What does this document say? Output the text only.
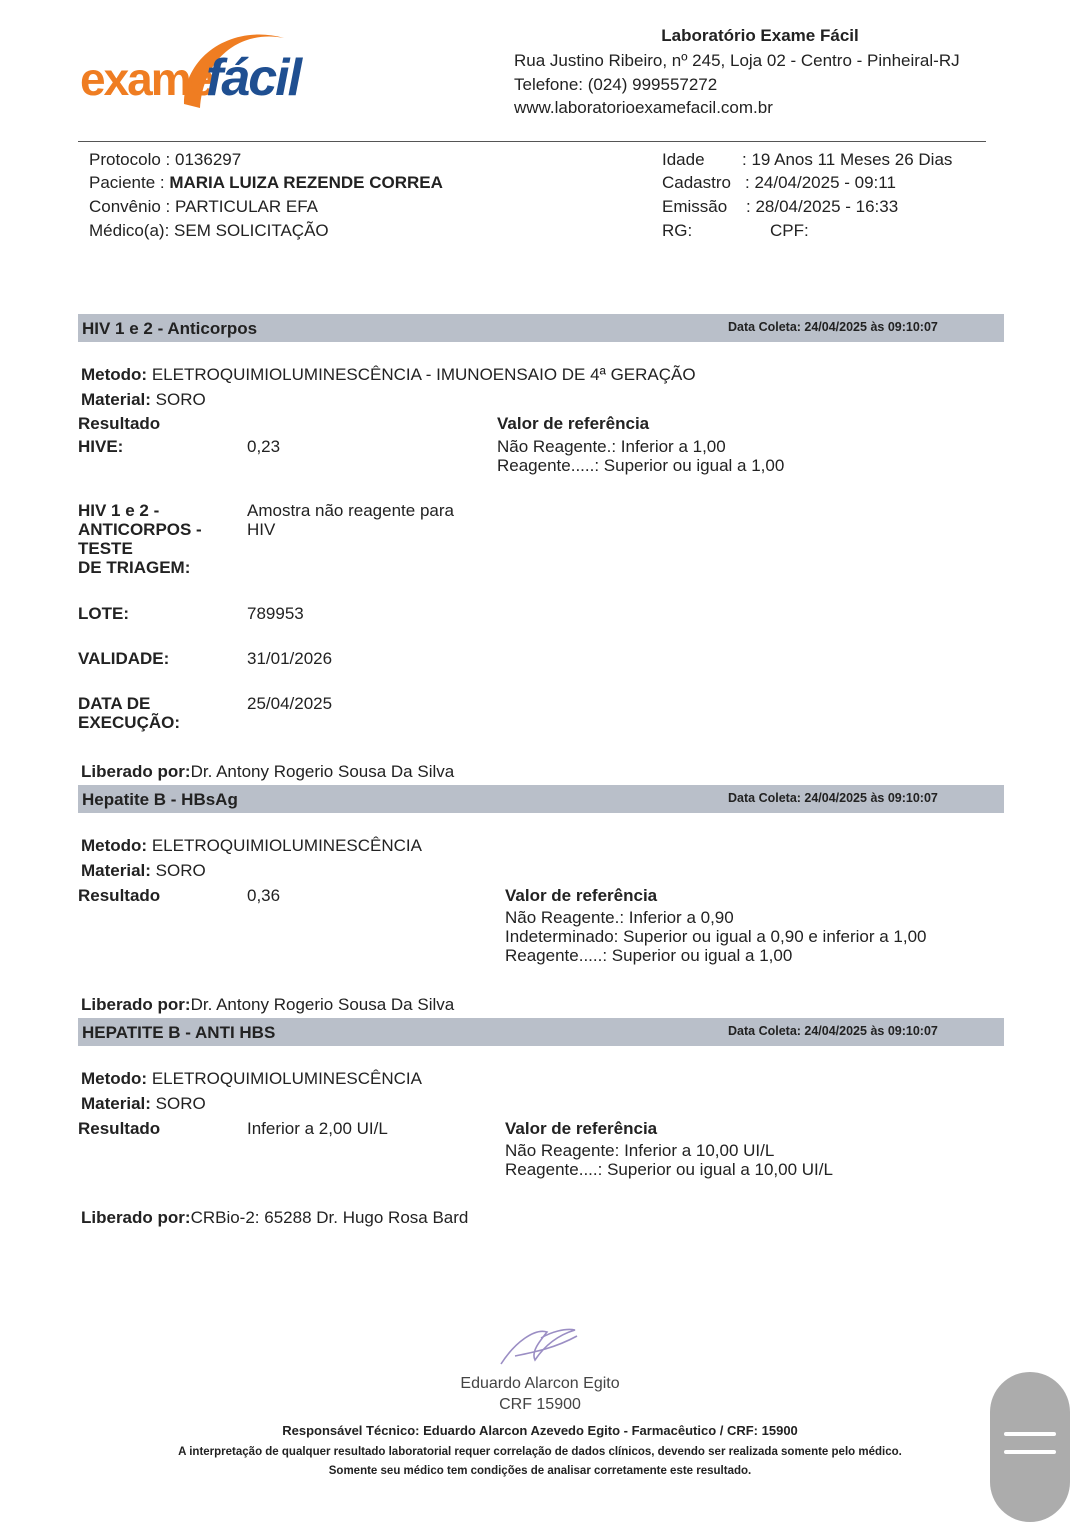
exame
fácil
Laboratório Exame Fácil
Rua Justino Ribeiro, nº 245, Loja 02 - Centro - Pinheiral-RJ
Telefone: (024) 999557272
www.laboratorioexamefacil.com.br
Protocolo : 0136297
Paciente : MARIA LUIZA REZENDE CORREA
Convênio : PARTICULAR EFA
Médico(a): SEM SOLICITAÇÃO
Idade : 19 Anos 11 Meses 26 Dias
Cadastro : 24/04/2025 - 09:11
Emissão : 28/04/2025 - 16:33
RG:	CPF:
HIV 1 e 2 - Anticorpos	Data Coleta: 24/04/2025 às 09:10:07
Metodo: ELETROQUIMIOLUMINESCÊNCIA - IMUNOENSAIO DE 4ª GERAÇÃO
Material: SORO
Resultado	Valor de referência
HIVE:	0,23	Não Reagente.: Inferior a 1,00
Reagente.....: Superior ou igual a 1,00
HIV 1 e 2 -
ANTICORPOS -
TESTE
DE TRIAGEM:
Amostra não reagente para
HIV
LOTE:	789953
VALIDADE:	31/01/2026
DATA DE
EXECUÇÃO:
25/04/2025
Liberado por:Dr. Antony Rogerio Sousa Da Silva
Hepatite B - HBsAg	Data Coleta: 24/04/2025 às 09:10:07
Metodo: ELETROQUIMIOLUMINESCÊNCIA
Material: SORO
Resultado	0,36	Valor de referência
Não Reagente.: Inferior a 0,90
Indeterminado: Superior ou igual a 0,90 e inferior a 1,00
Reagente.....: Superior ou igual a 1,00
Liberado por:Dr. Antony Rogerio Sousa Da Silva
HEPATITE B - ANTI HBS	Data Coleta: 24/04/2025 às 09:10:07
Metodo: ELETROQUIMIOLUMINESCÊNCIA
Material: SORO
Resultado	Inferior a 2,00 UI/L	Valor de referência
Não Reagente: Inferior a 10,00 UI/L
Reagente....: Superior ou igual a 10,00 UI/L
Liberado por:CRBio-2: 65288 Dr. Hugo Rosa Bard
Eduardo Alarcon Egito
CRF 15900
Responsável Técnico: Eduardo Alarcon Azevedo Egito - Farmacêutico / CRF: 15900
A interpretação de qualquer resultado laboratorial requer correlação de dados clínicos, devendo ser realizada somente pelo médico.
Somente seu médico tem condições de analisar corretamente este resultado.
